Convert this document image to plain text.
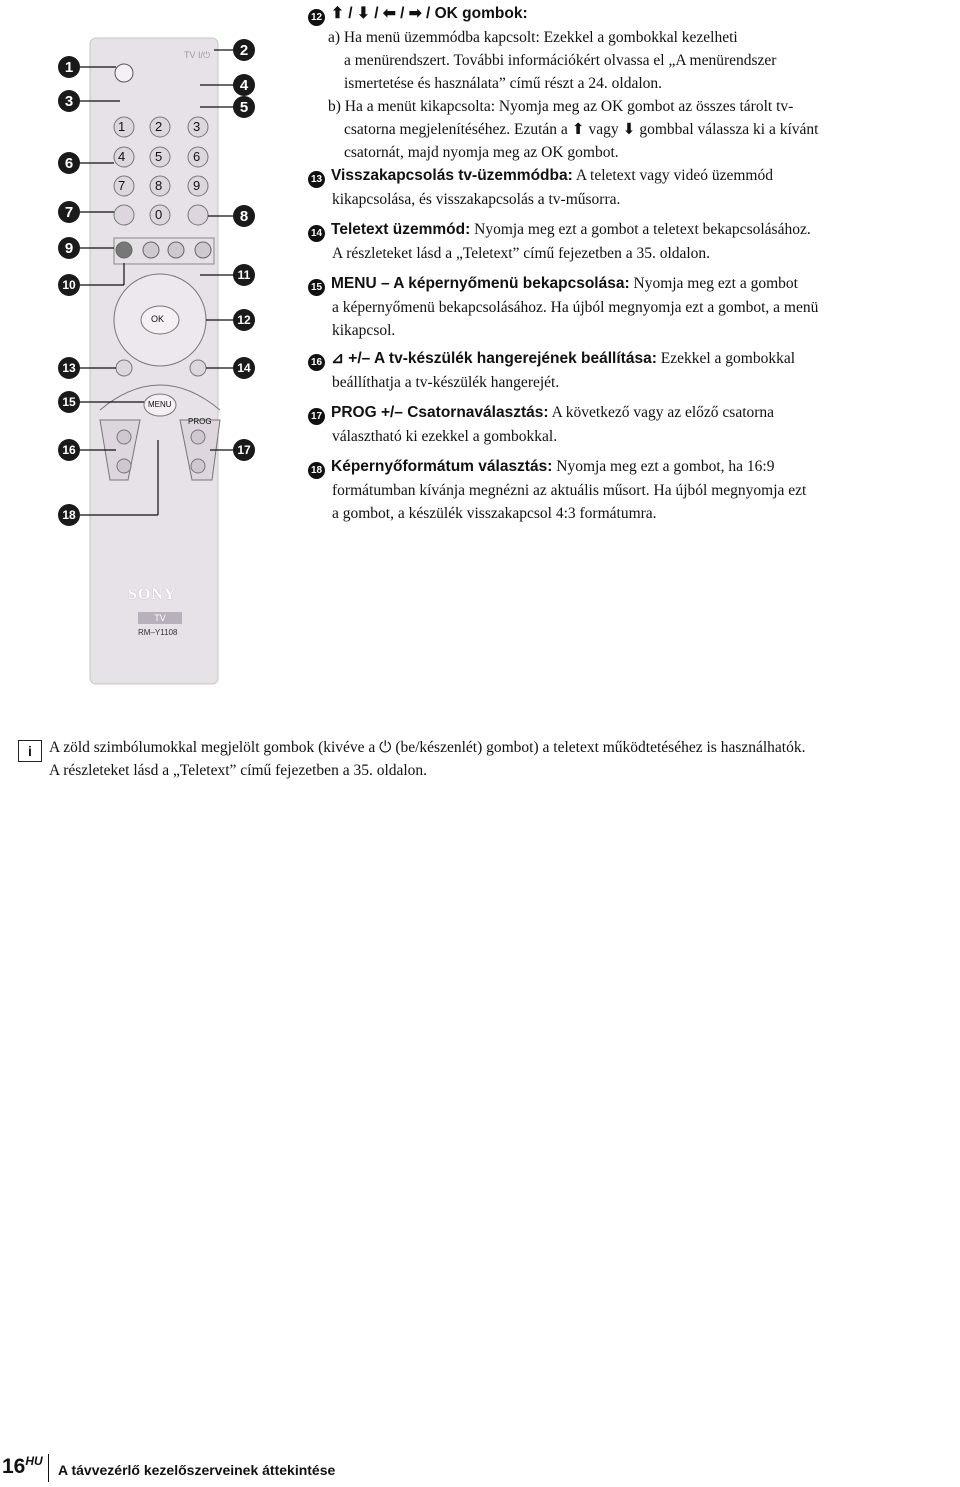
TV I/⏻
1 2 3
4 5 6
7 8 9
0
OK
MENU
PROG
SONY
TV
RM–Y1108
1
3
6
7
9
10
13
15
16
18
2
4
5
8
11
12
14
17
12 ⬆ / ⬇ / ⬅ / ➡ / OK gombok:
a) Ha menü üzemmódba kapcsolt: Ezekkel a gombokkal kezelheti
a menürendszert. További információkért olvassa el „A menürendszer
ismertetése és használata” című részt a 24. oldalon.
b) Ha a menüt kikapcsolta: Nyomja meg az OK gombot az összes tárolt tv-
csatorna megjelenítéséhez. Ezután a ⬆ vagy ⬇ gombbal válassza ki a kívánt
csatornát, majd nyomja meg az OK gombot.
13 Visszakapcsolás tv-üzemmódba: A teletext vagy videó üzemmód
kikapcsolása, és visszakapcsolás a tv-műsorra.
14 Teletext üzemmód: Nyomja meg ezt a gombot a teletext bekapcsolásához.
A részleteket lásd a „Teletext” című fejezetben a 35. oldalon.
15 MENU – A képernyőmenü bekapcsolása: Nyomja meg ezt a gombot
a képernyőmenü bekapcsolásához. Ha újból megnyomja ezt a gombot, a menü
kikapcsol.
16 ⊿ +/– A tv-készülék hangerejének beállítása: Ezekkel a gombokkal
beállíthatja a tv-készülék hangerejét.
17 PROG +/– Csatornaválasztás: A következő vagy az előző csatorna
választható ki ezekkel a gombokkal.
18 Képernyőformátum választás: Nyomja meg ezt a gombot, ha 16:9
formátumban kívánja megnézni az aktuális műsort. Ha újból megnyomja ezt
a gombot, a készülék visszakapcsol 4:3 formátumra.
i	A zöld szimbólumokkal megjelölt gombok (kivéve a ⏻ (be/készenlét) gombot) a teletext működtetéséhez is használhatók.
A részleteket lásd a „Teletext” című fejezetben a 35. oldalon.
$16^{HU}$
A távvezérlő kezelőszerveinek áttekintése
